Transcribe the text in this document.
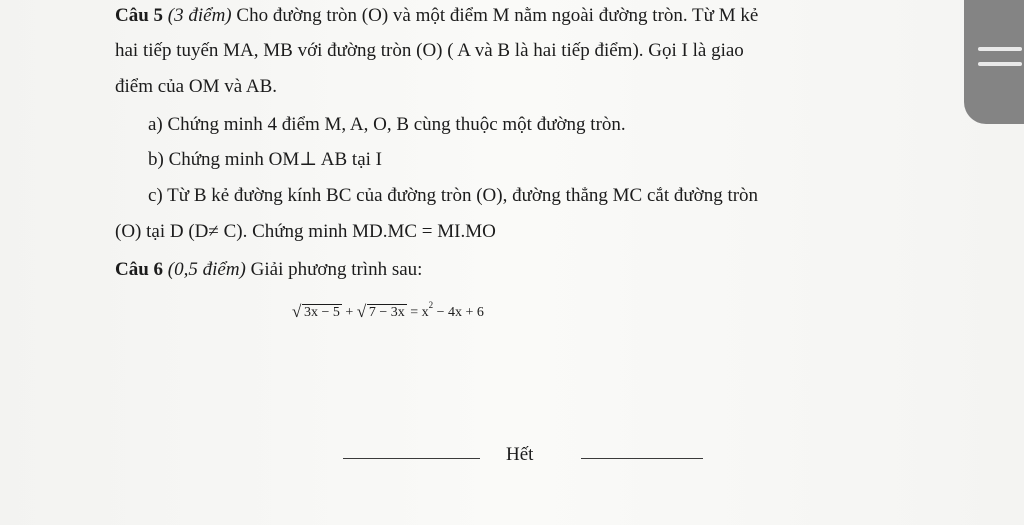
Câu 5 (3 điểm) Cho đường tròn (O) và một điểm M nằm ngoài đường tròn. Từ M kẻ
hai tiếp tuyến MA, MB với đường tròn (O) ( A và B là hai tiếp điểm). Gọi I là giao
điểm của OM và AB.
a) Chứng minh 4 điểm M, A, O, B cùng thuộc một đường tròn.
b) Chứng minh OM⊥ AB tại I
c) Từ B kẻ đường kính BC của đường tròn (O), đường thẳng MC cắt đường tròn
(O) tại D (D≠ C). Chứng minh MD.MC = MI.MO
Câu 6 (0,5 điểm) Giải phương trình sau:
√ 3x − 5 + √ $7 - 3x = x^2 - 4x + 6$
Hết
